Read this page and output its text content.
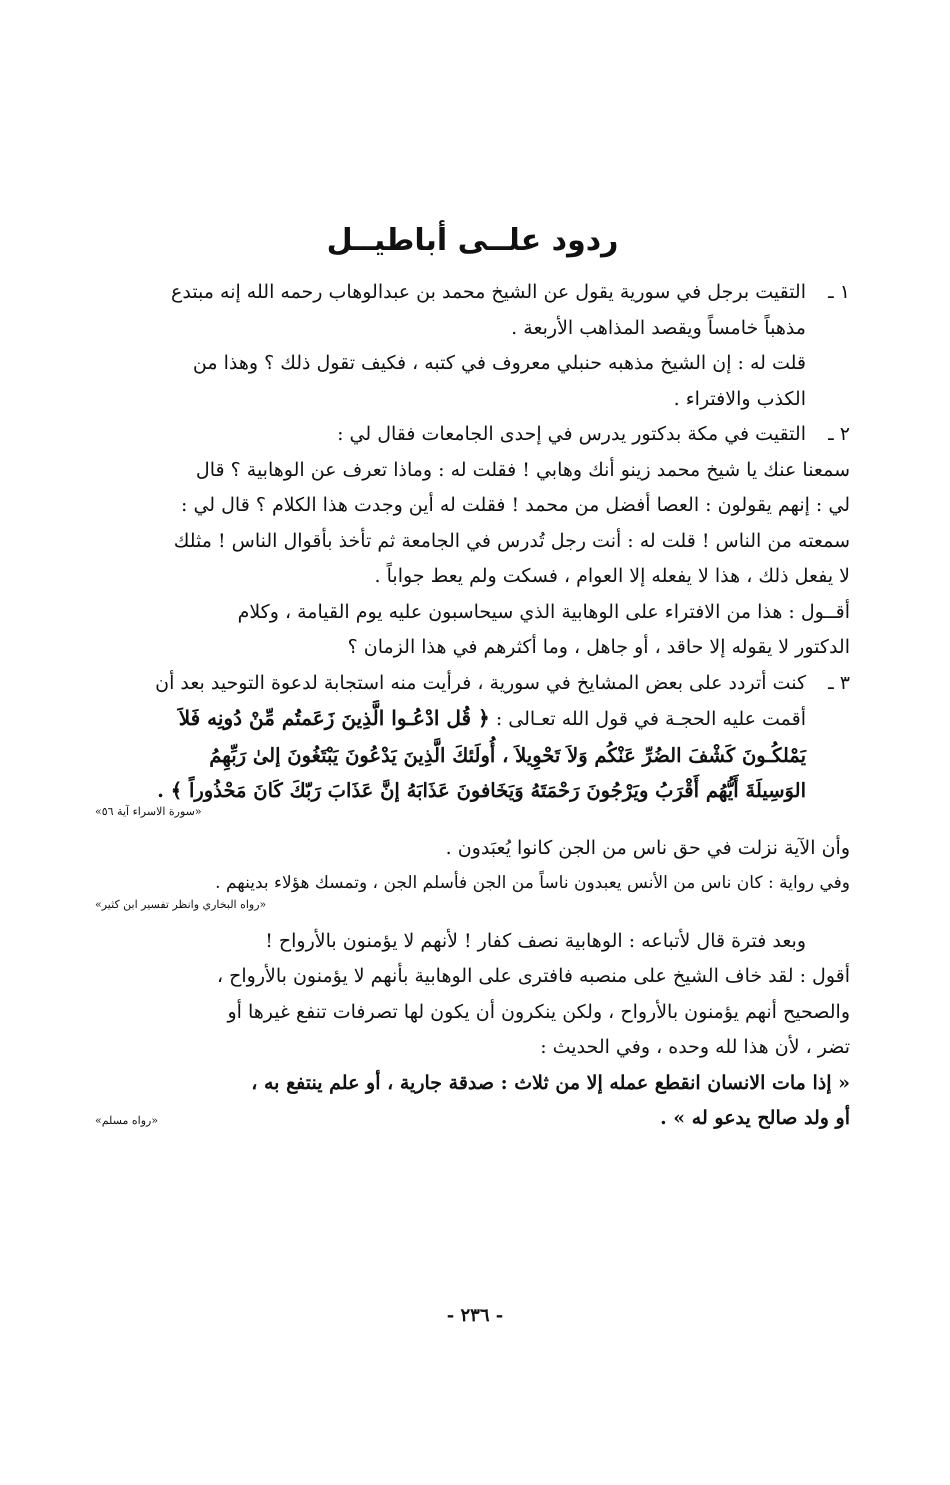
ردود علــى أباطيــل
١ ـالتقيت برجل في سورية يقول عن الشيخ محمد بن عبدالوهاب رحمه الله إنه مبتدع
مذهباً خامساً ويقصد المذاهب الأربعة .
قلت له : إن الشيخ مذهبه حنبلي معروف في كتبه ، فكيف تقول ذلك ؟ وهذا من
الكذب والافتراء .
٢ ـالتقيت في مكة بدكتور يدرس في إحدى الجامعات فقال لي :
سمعنا عنك يا شيخ محمد زينو أنك وهابي ! فقلت له : وماذا تعرف عن الوهابية ؟ قال
لي : إنهم يقولون : العصا أفضل من محمد ! فقلت له أين وجدت هذا الكلام ؟ قال لي :
سمعته من الناس ! قلت له : أنت رجل تُدرس في الجامعة ثم تأخذ بأقوال الناس ! مثلك
لا يفعل ذلك ، هذا لا يفعله إلا العوام ، فسكت ولم يعط جواباً .
أقــول : هذا من الافتراء على الوهابية الذي سيحاسبون عليه يوم القيامة ، وكلام
الدكتور لا يقوله إلا حاقد ، أو جاهل ، وما أكثرهم في هذا الزمان ؟
٣ ـكنت أتردد على بعض المشايخ في سورية ، فرأيت منه استجابة لدعوة التوحيد بعد أن
أقمت عليه الحجـة في قول الله تعـالى : ﴿ قُل ادْعُـوا الَّذِينَ زَعَمتُم مِّنْ دُونِه فَلاَ
يَمْلكُـونَ كَشْفَ الضُرِّ عَنْكُم وَلاَ تَحْوِيلاَ ، أُولَئكَ الَّذِينَ يَدْعُونَ يَبْتَغُونَ إلىٰ رَبِّهِمُ
الوَسِيلَةَ أَيُّهُم أَقْرَبُ ويَرْجُونَ رَحْمَتَهُ وَيَخَافونَ عَذَابَهُ إنَّ عَذَابَ رَبّكَ كَانَ مَحْذُوراً ﴾ .
«سورة الاسراء آية ٥٦»
وأن الآية نزلت في حق ناس من الجن كانوا يُعبَدون .
وفي رواية : كان ناس من الأنس يعبدون ناساً من الجن فأسلم الجن ، وتمسك هؤلاء بدينهم .
«رواه البخاري وانظر تفسير ابن كثير»
وبعد فترة قال لأتباعه : الوهابية نصف كفار ! لأنهم لا يؤمنون بالأرواح !
أقول : لقد خاف الشيخ على منصبه فافترى على الوهابية بأنهم لا يؤمنون بالأرواح ،
والصحيح أنهم يؤمنون بالأرواح ، ولكن ينكرون أن يكون لها تصرفات تنفع غيرها أو
تضر ، لأن هذا لله وحده ، وفي الحديث :
« إذا مات الانسان انقطع عمله إلا من ثلاث : صدقة جارية ، أو علم ينتفع به ،
أو ولد صالح يدعو له » .
«رواه مسلم»
- ٢٣٦ -
